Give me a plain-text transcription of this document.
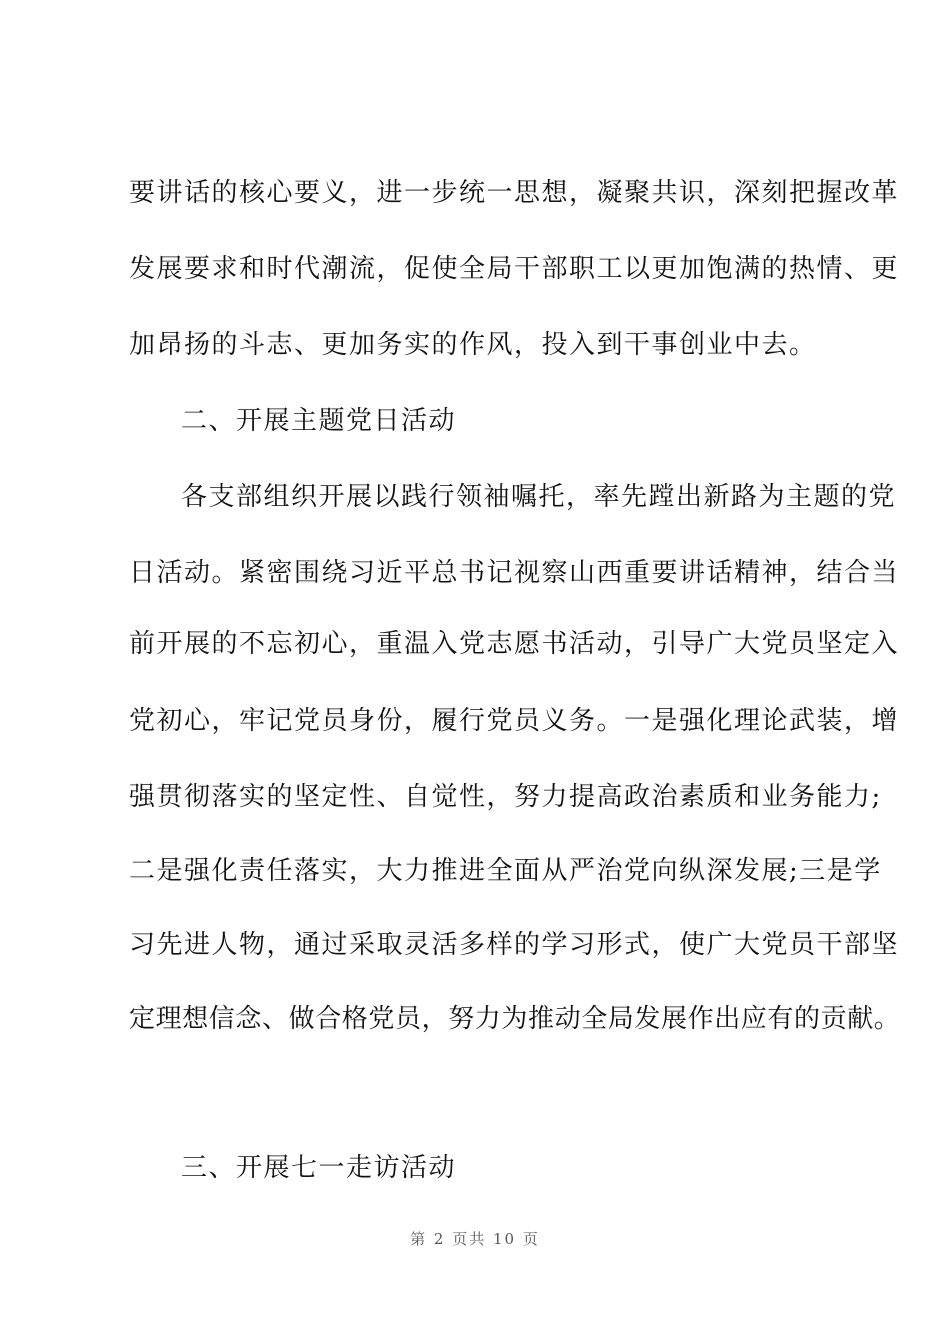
要讲话的核心要义，进一步统一思想，凝聚共识，深刻把握改革
发展要求和时代潮流，促使全局干部职工以更加饱满的热情、更
加昂扬的斗志、更加务实的作风，投入到干事创业中去。
二、开展主题党日活动
各支部组织开展以践行领袖嘱托，率先蹚出新路为主题的党
日活动。紧密围绕习近平总书记视察山西重要讲话精神，结合当
前开展的不忘初心，重温入党志愿书活动，引导广大党员坚定入
党初心，牢记党员身份，履行党员义务。一是强化理论武装，增
强贯彻落实的坚定性、自觉性，努力提高政治素质和业务能力;
二是强化责任落实，大力推进全面从严治党向纵深发展;三是学
习先进人物，通过采取灵活多样的学习形式，使广大党员干部坚
定理想信念、做合格党员，努力为推动全局发展作出应有的贡献。
三、开展七一走访活动
第 2 页共 10 页
